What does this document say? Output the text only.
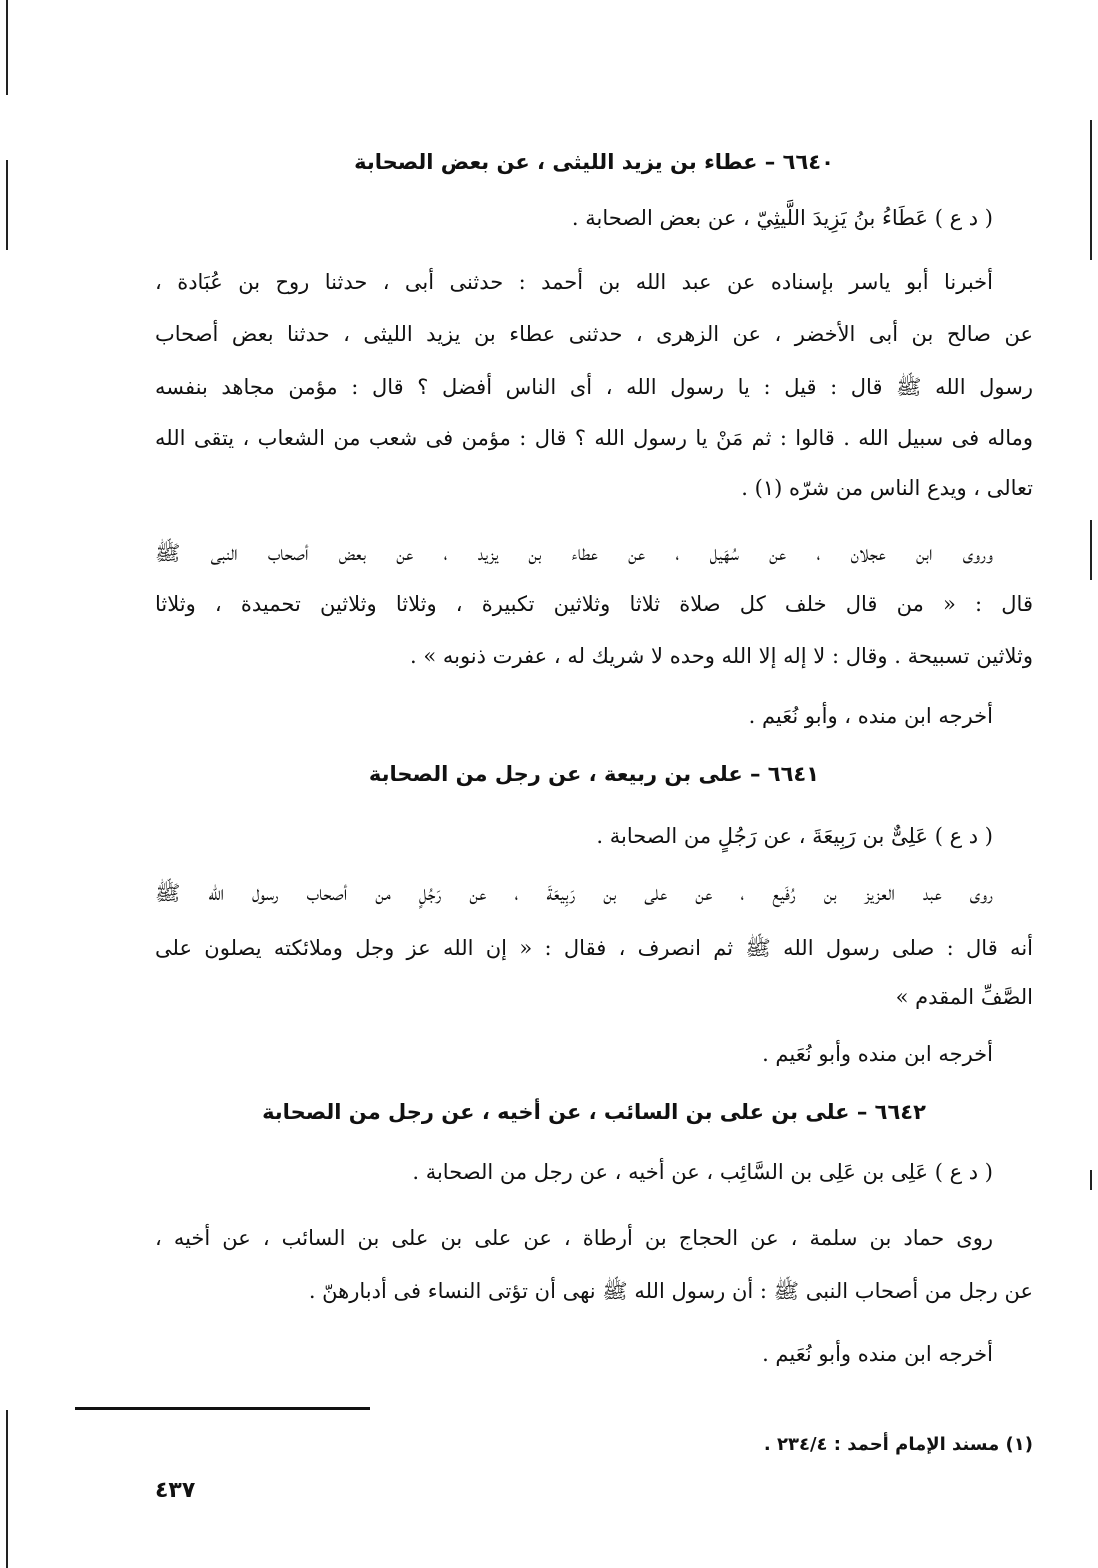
٦٦٤٠ – عطاء بن يزيد الليثى ، عن بعض الصحابة
( د ع ) عَطَاءُ بنُ يَزِيدَ اللَّيثِيّ ، عن بعض الصحابة .
أخبرنا أبو ياسر بإسناده عن عبد الله بن أحمد : حدثنى أبى ، حدثنا روح بن عُبَادة ،
عن صالح بن أبى الأخضر ، عن الزهرى ، حدثنى عطاء بن يزيد الليثى ، حدثنا بعض أصحاب
رسول الله ﷺ قال : قيل : يا رسول الله ، أى الناس أفضل ؟ قال : مؤمن مجاهد بنفسه
وماله فى سبيل الله . قالوا : ثم مَنْ يا رسول الله ؟ قال : مؤمن فى شعب من الشعاب ، يتقى الله
تعالى ، ويدع الناس من شرّه (١) .
وروى ابن عجلان ، عن سُهَيل ، عن عطاء بن يزيد ، عن بعض أصحاب النبى ﷺ
قال : « من قال خلف كل صلاة ثلاثا وثلاثين تكبيرة ، وثلاثا وثلاثين تحميدة ، وثلاثا
وثلاثين تسبيحة . وقال : لا إله إلا الله وحده لا شريك له ، عفرت ذنوبه » .
أخرجه ابن منده ، وأبو نُعَيم .
٦٦٤١ – على بن ربيعة ، عن رجل من الصحابة
( د ع ) عَلِىٌّ بن رَبِيعَةَ ، عن رَجُلٍ من الصحابة .
روى عبد العزيز بن رُفَيع ، عن على بن رَبِيعَةَ ، عن رَجُلٍ من أصحاب رسول الله ﷺ
أنه قال : صلى رسول الله ﷺ ثم انصرف ، فقال : « إن الله عز وجل وملائكته يصلون على
الصَّفِّ المقدم »
أخرجه ابن منده وأبو نُعَيم .
٦٦٤٢ – على بن على بن السائب ، عن أخيه ، عن رجل من الصحابة
( د ع ) عَلِى بن عَلِى بن السَّائِب ، عن أخيه ، عن رجل من الصحابة .
روى حماد بن سلمة ، عن الحجاج بن أرطاة ، عن على بن على بن السائب ، عن أخيه ،
عن رجل من أصحاب النبى ﷺ : أن رسول الله ﷺ نهى أن تؤتى النساء فى أدبارهنّ .
أخرجه ابن منده وأبو نُعَيم .
(١) مسند الإمام أحمد : ٢٣٤/٤ .
٤٣٧
